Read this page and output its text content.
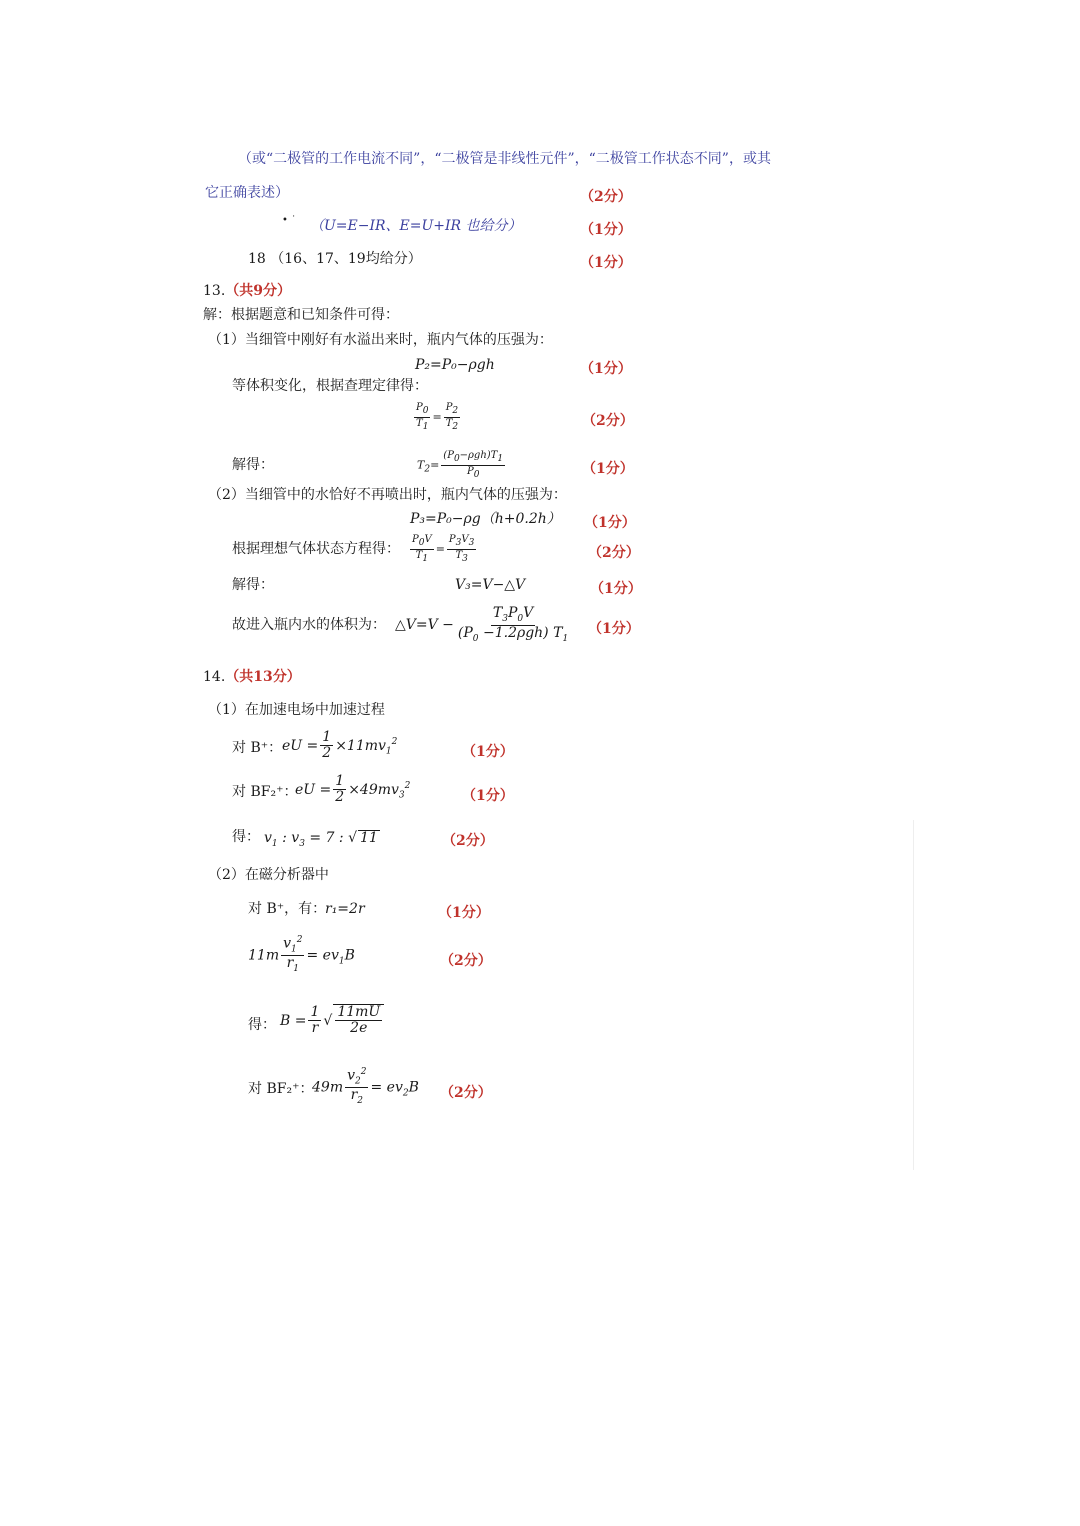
（或“二极管的工作电流不同”，“二极管是非线性元件”，“二极管工作状态不同”，或其
它正确表述）	（2分）
• ˙ （U=E−IR、E=U+IR 也给分）	（1分）
18 （16、17、19均给分）	（1分）
13.（共9分）
解：根据题意和已知条件可得：
（1）当细管中刚好有水溢出来时，瓶内气体的压强为：
P₂=P₀−ρgh	（1分）
等体积变化，根据查理定律得：
$\frac{P_0}{T_1} = \frac{P_2}{T_2}$	（2分）
解得：	$T_2= \frac{(P_0-\rho gh)T_1}{P_0}$	（1分）
（2）当细管中的水恰好不再喷出时，瓶内气体的压强为：
P₃=P₀−ρg（h+0.2h） （1分）
根据理想气体状态方程得： $\frac{P_0V}{T_1} = \frac{P_3V_3}{T_3}$	（2分）
解得：	V₃=V−△V	（1分）
故进入瓶内水的体积为： △V=V − $\frac{T_3P_0V}{(P_0 -1.2\rho gh) T_1} (1$分）
14.（共13分）
（1）在加速电场中加速过程
对 B⁺： eU = $\frac{1}{2} \times 11mv_1^2$
（1分）
对 BF₂⁺：
eU = $\frac{1}{2} \times 49mv_3^2$
（1分）
得： $v_1$ : $v_3 = 7$ : √ 11	（2分）
（2）在磁分析器中
对 B⁺，有：
r₁=2r	（1分）
$11m \frac{v_1^2}{r_1} = ev_1B$	（2分）
得： $B = \frac{1}{r}$ √ $\frac{11mU}{2e}$
对 BF₂⁺：
$49m \frac{v_2^2}{r_2} = ev_2B$ （2分）
